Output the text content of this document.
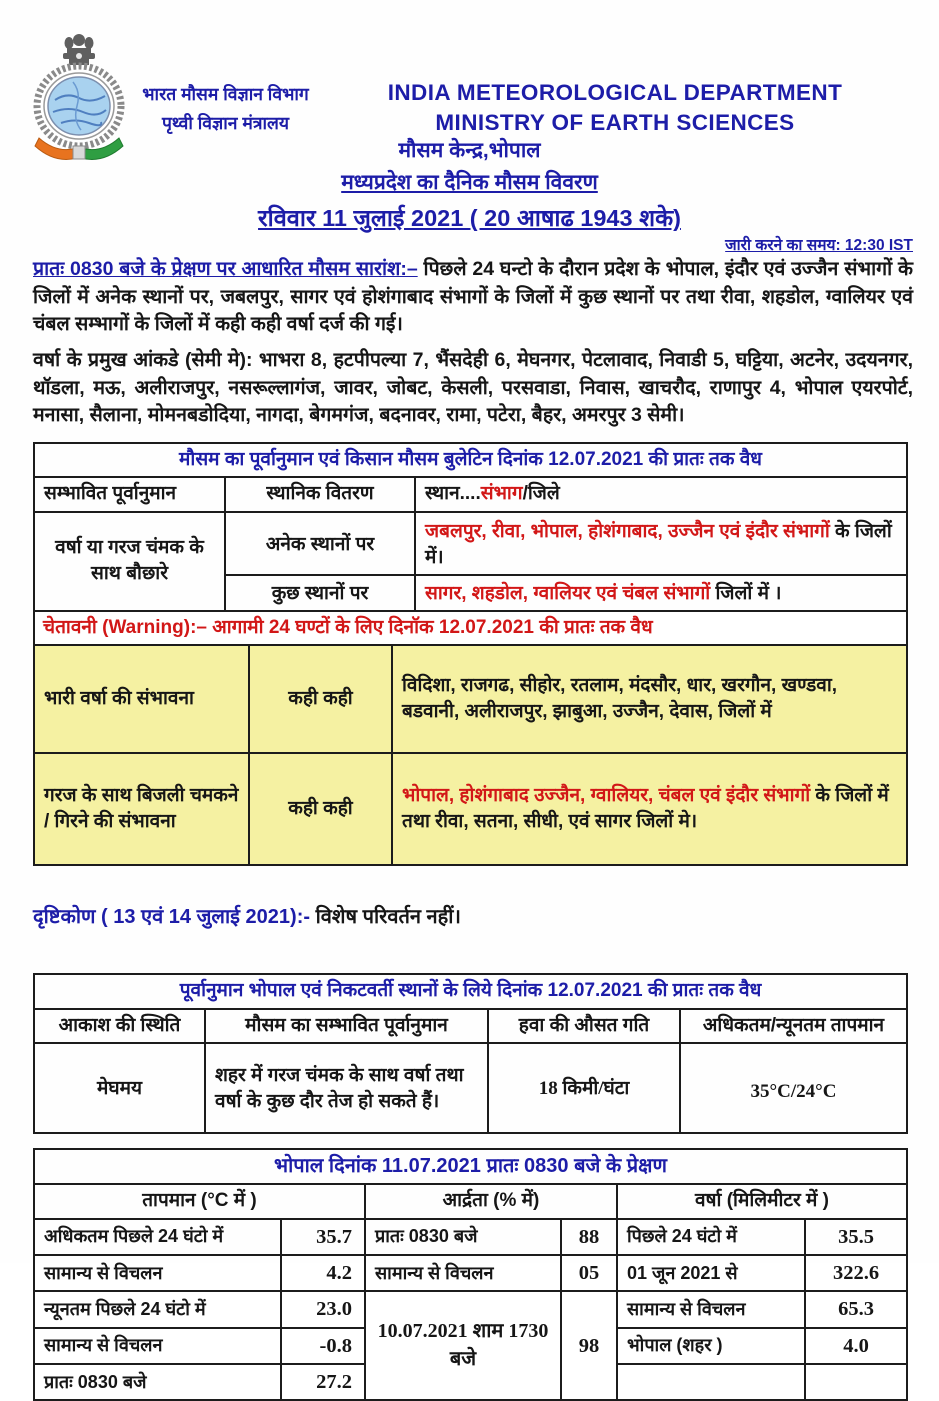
भारत मौसम विज्ञान विभाग
पृथ्वी विज्ञान मंत्रालय
INDIA METEOROLOGICAL DEPARTMENT
MINISTRY OF EARTH SCIENCES
मौसम केन्द्र,भोपाल
मध्यप्रदेश का दैनिक मौसम विवरण
रविवार 11 जुलाई 2021 ( 20 आषाढ 1943 शके)
जारी करने का समय: 12:30 IST

प्रातः 0830 बजे के प्रेक्षण पर आधारित मौसम सारांश:– पिछले 24 घन्टो के दौरान प्रदेश के भोपाल, इंदौर एवं उज्जैन संभागों के जिलों में अनेक स्थानों पर, जबलपुर, सागर एवं होशंगाबाद संभागों के जिलों में कुछ स्थानों पर तथा रीवा, शहडोल, ग्वालियर एवं चंबल सम्भागों के जिलों में कही कही वर्षा दर्ज की गई।

वर्षा के प्रमुख आंकडे (सेमी मे): भाभरा 8, हटपीपल्या 7, भैंसदेही 6, मेघनगर, पेटलावाद, निवाडी 5, घट्टिया, अटनेर, उदयनगर, थॉडला, मऊ, अलीराजपुर, नसरूल्लागंज, जावर, जोबट, केसली, परसवाडा, निवास, खाचरौद, राणापुर 4, भोपाल एयरपोर्ट, मनासा, सैलाना, मोमनबडोदिया, नागदा, बेगमगंज, बदनावर, रामा, पटेरा, बैहर, अमरपुर 3 सेमी।

मौसम का पूर्वानुमान एवं किसान मौसम बुलेटिन दिनांक 12.07.2021 की प्रातः तक वैध		
सम्भावित पूर्वानुमान	स्थानिक वितरण	स्थान....संभाग/जिले
वर्षा या गरज चंमक के साथ बौछारे	अनेक स्थानों पर	जबलपुर, रीवा, भोपाल, होशंगाबाद, उज्जैन एवं इंदौर संभागों के जिलों में।
	कुछ स्थानों पर	सागर, शहडोल, ग्वालियर एवं चंबल संभागों जिलों में ।
चेतावनी (Warning):– आगामी 24 घण्टों के लिए दिनॉक 12.07.2021 की प्रातः तक वैध		
भारी वर्षा की संभावना	कही कही	विदिशा, राजगढ, सीहोर, रतलाम, मंदसौर, धार, खरगौन, खण्डवा, बडवानी, अलीराजपुर, झाबुआ, उज्जैन, देवास, जिलों में
गरज के साथ बिजली चमकने / गिरने की संभावना	कही कही	भोपाल, होशंगाबाद उज्जैन, ग्वालियर, चंबल एवं इंदौर संभागों के जिलों में तथा रीवा, सतना, सीधी, एवं सागर जिलों मे।

दृष्टिकोण ( 13 एवं 14 जुलाई 2021):- विशेष परिवर्तन नहीं।

पूर्वानुमान भोपाल एवं निकटवर्ती स्थानों के लिये दिनांक 12.07.2021 की प्रातः तक वैध			
आकाश की स्थिति	मौसम का सम्भावित पूर्वानुमान	हवा की औसत गति	अधिकतम/न्यूनतम तापमान
मेघमय	शहर में गरज चंमक के साथ वर्षा तथा वर्षा के कुछ दौर तेज हो सकते हैं।	18 किमी/घंटा	35°C/24°C
भोपाल दिनांक 11.07.2021 प्रातः 0830 बजे के प्रेक्षण					
तापमान (°C में )		आर्द्रता (% में)		वर्षा (मिलिमीटर में )	
अधिकतम पिछले 24 घंटो में	35.7	प्रातः 0830 बजे	88	पिछले 24 घंटो में	35.5
सामान्य से विचलन	4.2	सामान्य से विचलन	05	01 जून 2021 से	322.6
न्यूनतम पिछले 24 घंटो में	23.0	10.07.2021 शाम 1730 बजे	98	सामान्य से विचलन	65.3
सामान्य से विचलन	-0.8			भोपाल (शहर )	4.0
प्रातः 0830 बजे	27.2				
